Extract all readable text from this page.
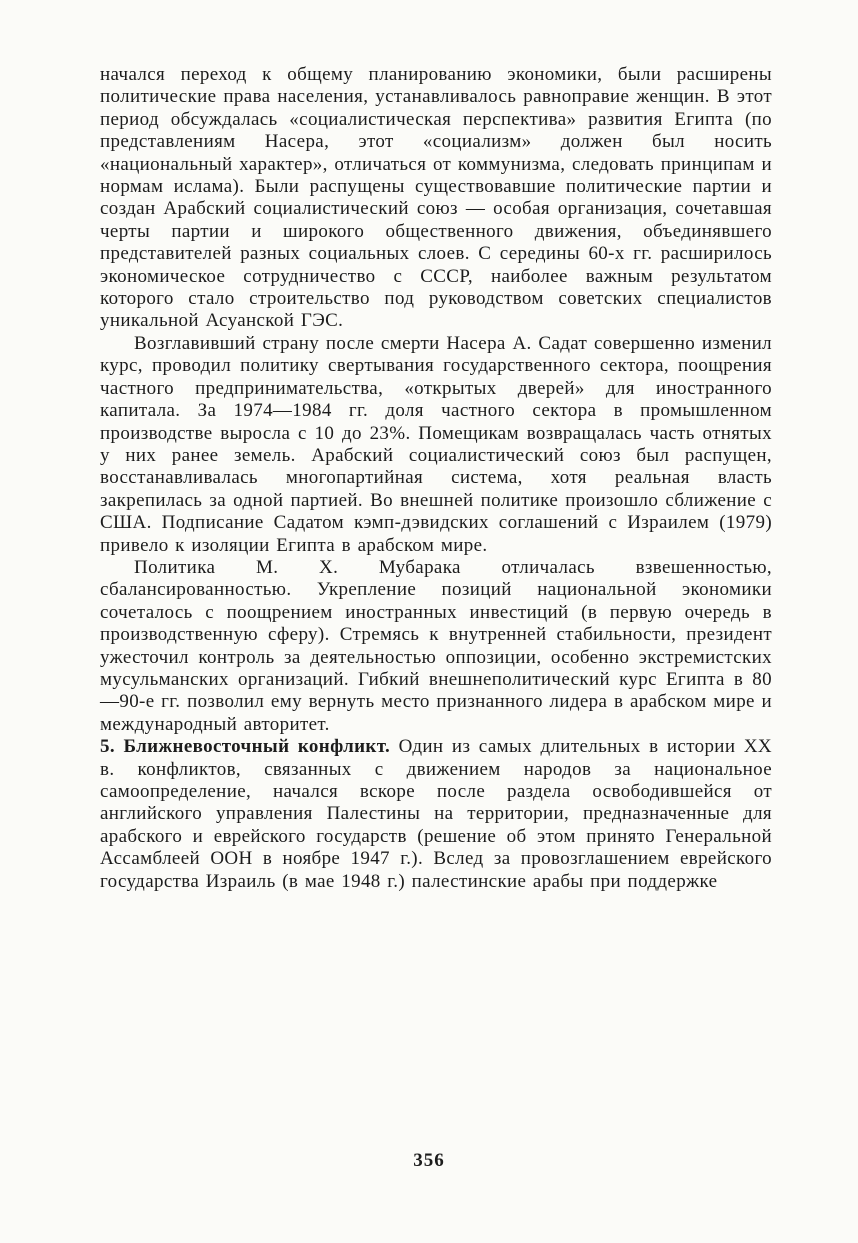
начался переход к общему планированию экономики, были расширены политические права населения, устанавливалось равноправие женщин. В этот период обсуждалась «социалистическая перспектива» развития Египта (по представлениям Насера, этот «социализм» должен был носить «национальный характер», отличаться от коммунизма, следовать принципам и нормам ислама). Были распущены существовавшие политические партии и создан Арабский социалистический союз — особая организация, сочетавшая черты партии и широкого общественного движения, объединявшего представителей разных социальных слоев. С середины 60-х гг. расширилось экономическое сотрудничество с СССР, наиболее важным результатом которого стало строительство под руководством советских специалистов уникальной Асуанской ГЭС.

Возглавивший страну после смерти Насера А. Садат совершенно изменил курс, проводил политику свертывания государственного сектора, поощрения частного предпринимательства, «открытых дверей» для иностранного капитала. За 1974—1984 гг. доля частного сектора в промышленном производстве выросла с 10 до 23%. Помещикам возвращалась часть отнятых у них ранее земель. Арабский социалистический союз был распущен, восстанавливалась многопартийная система, хотя реальная власть закрепилась за одной партией. Во внешней политике произошло сближение с США. Подписание Садатом кэмп-дэвидских соглашений с Израилем (1979) привело к изоляции Египта в арабском мире.

Политика М. Х. Мубарака отличалась взвешенностью, сбалансированностью. Укрепление позиций национальной экономики сочеталось с поощрением иностранных инвестиций (в первую очередь в производственную сферу). Стремясь к внутренней стабильности, президент ужесточил контроль за деятельностью оппозиции, особенно экстремистских мусульманских организаций. Гибкий внешнеполитический курс Египта в 80—90-е гг. позволил ему вернуть место признанного лидера в арабском мире и международный авторитет.

5. Ближневосточный конфликт. Один из самых длительных в истории XX в. конфликтов, связанных с движением народов за национальное самоопределение, начался вскоре после раздела освободившейся от английского управления Палестины на территории, предназначенные для арабского и еврейского государств (решение об этом принято Генеральной Ассамблеей ООН в ноябре 1947 г.). Вслед за провозглашением еврейского государства Израиль (в мае 1948 г.) палестинские арабы при поддержке

356
